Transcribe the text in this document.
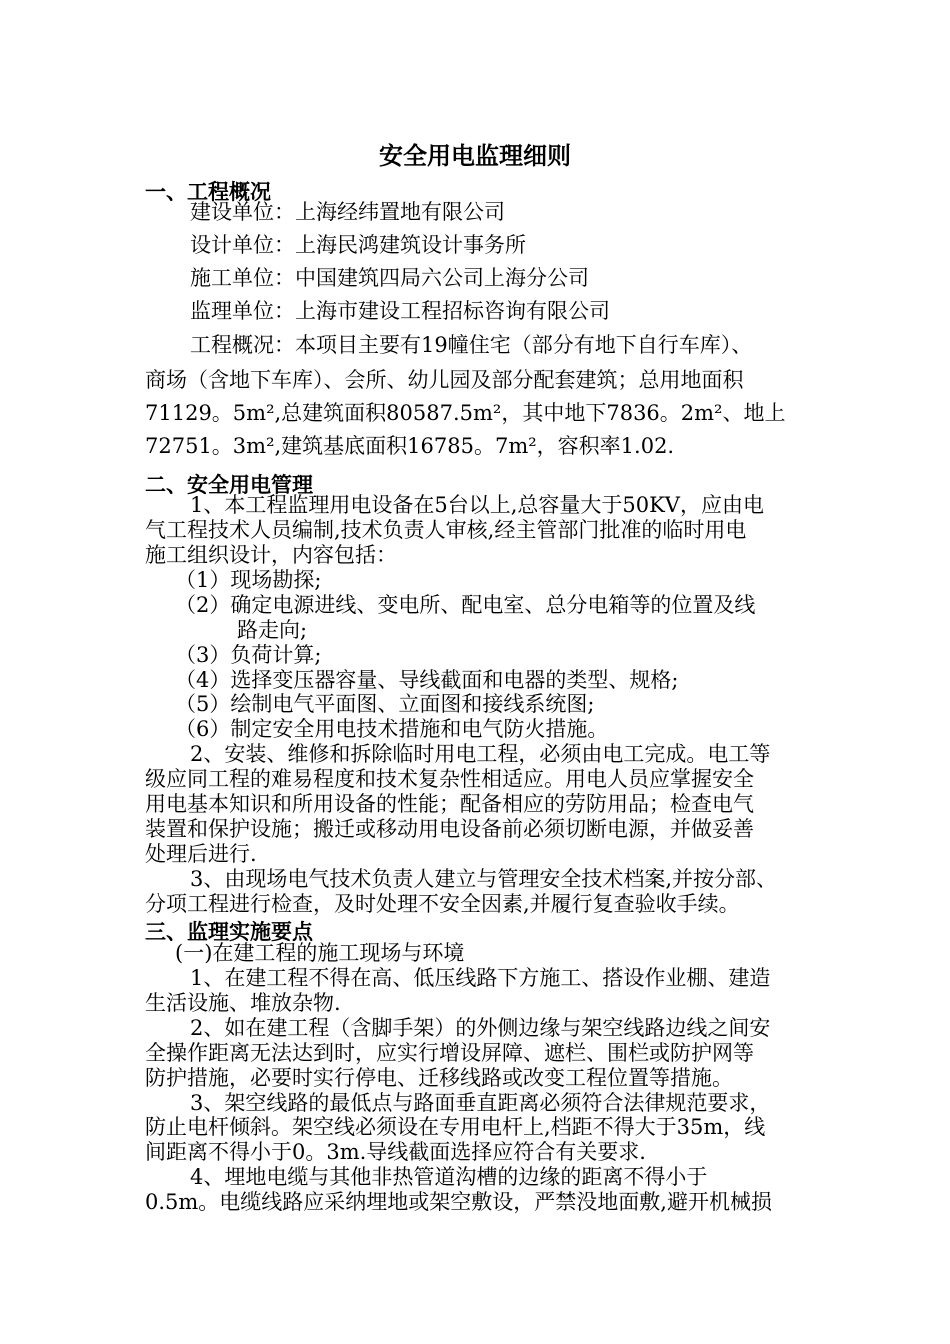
安全用电监理细则
一、工程概况
建设单位：上海经纬置地有限公司
设计单位：上海民鸿建筑设计事务所
施工单位：中国建筑四局六公司上海分公司
监理单位：上海市建设工程招标咨询有限公司
工程概况：本项目主要有19幢住宅（部分有地下自行车库）、
商场（含地下车库）、会所、幼儿园及部分配套建筑；总用地面积
71129。5m²,总建筑面积80587.5m²，其中地下7836。2m²、地上
72751。3m²,建筑基底面积16785。7m²，容积率1.02.
二、安全用电管理
1、本工程监理用电设备在5台以上,总容量大于50KV，应由电
气工程技术人员编制,技术负责人审核,经主管部门批准的临时用电
施工组织设计，内容包括：
（1）现场勘探;
（2）确定电源进线、变电所、配电室、总分电箱等的位置及线
路走向;
（3）负荷计算;
（4）选择变压器容量、导线截面和电器的类型、规格;
（5）绘制电气平面图、立面图和接线系统图;
（6）制定安全用电技术措施和电气防火措施。
2、安装、维修和拆除临时用电工程，必须由电工完成。电工等
级应同工程的难易程度和技术复杂性相适应。用电人员应掌握安全
用电基本知识和所用设备的性能；配备相应的劳防用品；检查电气
装置和保护设施；搬迁或移动用电设备前必须切断电源，并做妥善
处理后进行.
3、由现场电气技术负责人建立与管理安全技术档案,并按分部、
分项工程进行检查，及时处理不安全因素,并履行复查验收手续。
三、监理实施要点
(一)在建工程的施工现场与环境
1、在建工程不得在高、低压线路下方施工、搭设作业棚、建造
生活设施、堆放杂物.
2、如在建工程（含脚手架）的外侧边缘与架空线路边线之间安
全操作距离无法达到时，应实行增设屏障、遮栏、围栏或防护网等
防护措施，必要时实行停电、迁移线路或改变工程位置等措施。
3、架空线路的最低点与路面垂直距离必须符合法律规范要求，
防止电杆倾斜。架空线必须设在专用电杆上,档距不得大于35m，线
间距离不得小于0。3m.导线截面选择应符合有关要求.
4、埋地电缆与其他非热管道沟槽的边缘的距离不得小于
0.5m。电缆线路应采纳埋地或架空敷设，严禁没地面敷,避开机械损
